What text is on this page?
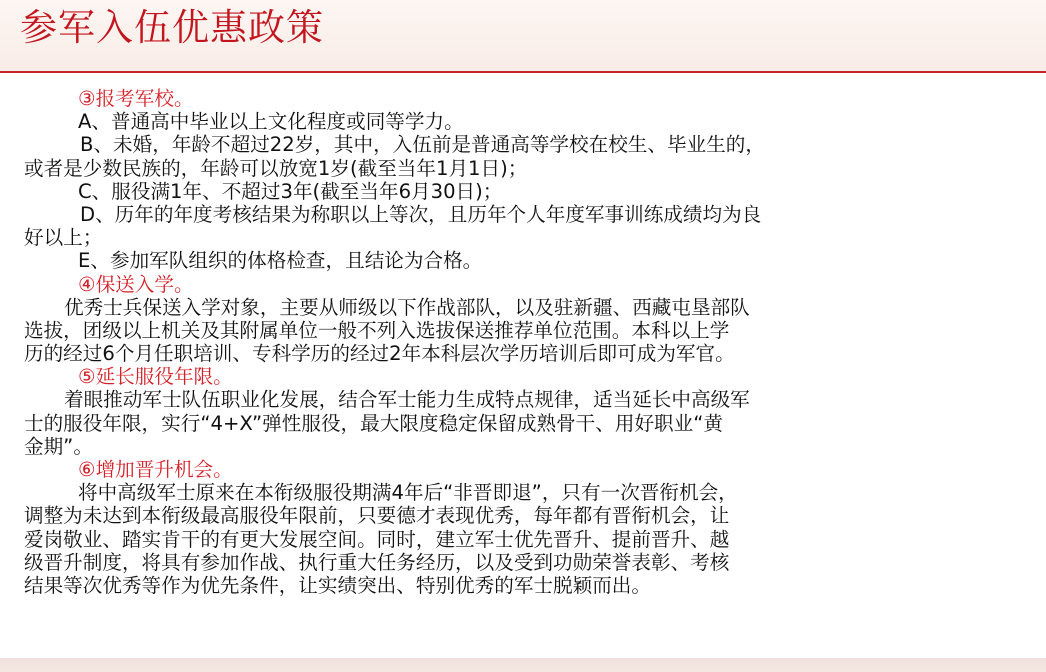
参军入伍优惠政策
③报考军校。
A、普通高中毕业以上文化程度或同等学力。
B、未婚，年龄不超过22岁，其中，入伍前是普通高等学校在校生、毕业生的，
或者是少数民族的，年龄可以放宽1岁(截至当年1月1日)；
C、服役满1年、不超过3年(截至当年6月30日)；
D、历年的年度考核结果为称职以上等次，且历年个人年度军事训练成绩均为良
好以上；
E、参加军队组织的体格检查，且结论为合格。
④保送入学。
优秀士兵保送入学对象，主要从师级以下作战部队，以及驻新疆、西藏屯垦部队
选拔，团级以上机关及其附属单位一般不列入选拔保送推荐单位范围。本科以上学
历的经过6个月任职培训、专科学历的经过2年本科层次学历培训后即可成为军官。
⑤延长服役年限。
着眼推动军士队伍职业化发展，结合军士能力生成特点规律，适当延长中高级军
士的服役年限，实行“4+X”弹性服役，最大限度稳定保留成熟骨干、用好职业“黄
金期”。
⑥增加晋升机会。
将中高级军士原来在本衔级服役期满4年后“非晋即退”，只有一次晋衔机会，
调整为未达到本衔级最高服役年限前，只要德才表现优秀，每年都有晋衔机会，让
爱岗敬业、踏实肯干的有更大发展空间。同时，建立军士优先晋升、提前晋升、越
级晋升制度，将具有参加作战、执行重大任务经历，以及受到功勋荣誉表彰、考核
结果等次优秀等作为优先条件，让实绩突出、特别优秀的军士脱颖而出。
